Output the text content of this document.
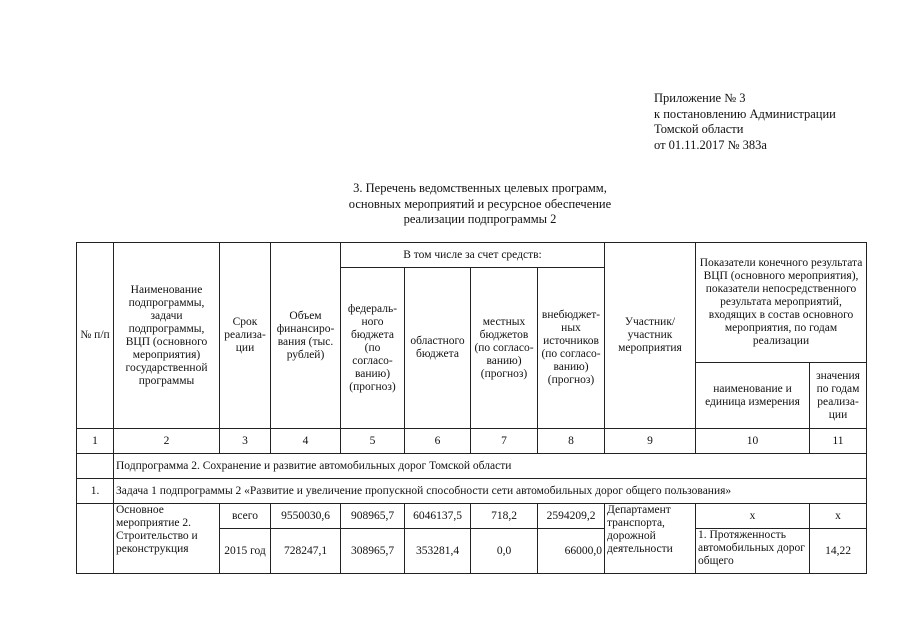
Приложение № 3
к постановлению Администрации
Томской области
от 01.11.2017 № 383а
3. Перечень ведомственных целевых программ,
основных мероприятий и ресурсное обеспечение
реализации подпрограммы 2
№ п/п	Наименование подпрограммы, задачи подпрограммы, ВЦП (основного мероприятия) государственной программы	Срок реализа-ции	Объем финансиро-вания (тыс. рублей)	В том числе за счет средств:				Участник/ участник мероприятия	Показатели конечного результата ВЦП (основного мероприятия), показатели непосредственного результата мероприятий, входящих в состав основного мероприятия, по годам реализации	
				федераль-ного бюджета (по согласо-ванию) (прогноз)	областного бюджета	местных бюджетов (по согласо-ванию) (прогноз)	внебюджет-ных источников (по согласо-ванию) (прогноз)			
									наименование и единица измерения	значения по годам реализа-ции
1	2	3	4	5	6	7	8	9	10	11
	Подпрограмма 2. Сохранение и развитие автомобильных дорог Томской области									
1.	Задача 1 подпрограммы 2 «Развитие и увеличение пропускной способности сети автомобильных дорог общего пользования»									
	Основное мероприятие 2. Строительство и реконструкция	всего	9550030,6	908965,7	6046137,5	718,2	2594209,2	Департамент транспорта, дорожной деятельности	х	х
		2015 год	728247,1	308965,7	353281,4	0,0	66000,0		1. Протяженность автомобильных дорог общего	14,22
